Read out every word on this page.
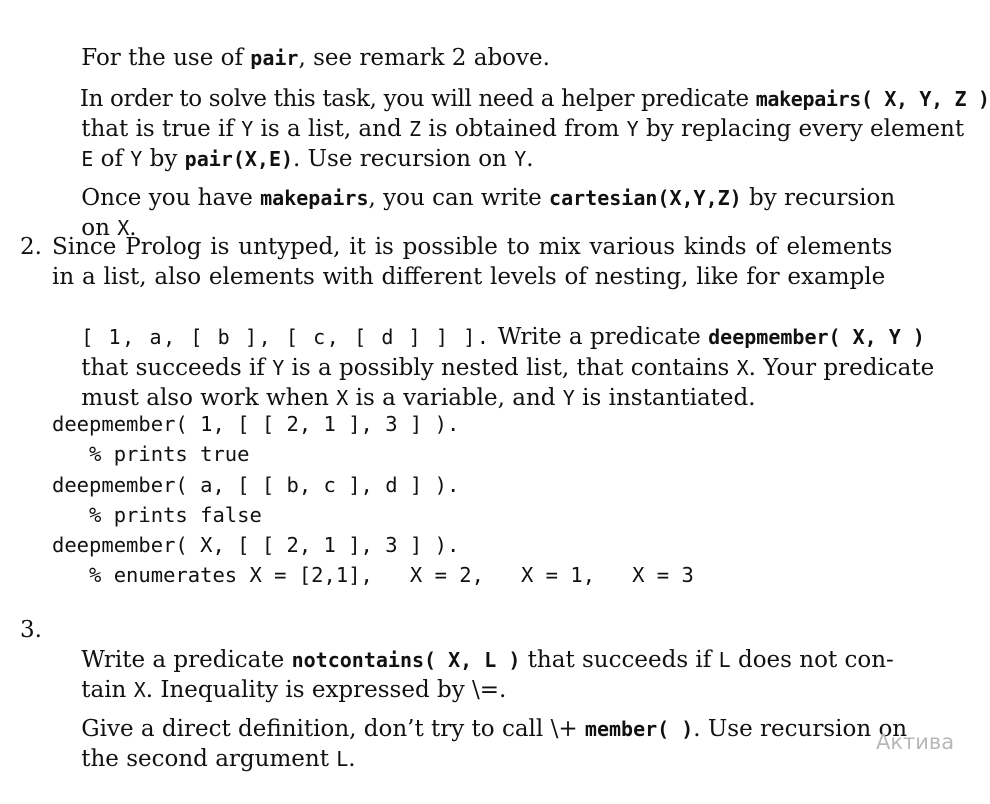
For the use of pair, see remark 2 above.

In order to solve this task, you will need a helper predicate makepairs( X, Y, Z )

that is true if Y is a list, and Z is obtained from Y by replacing every element

E of Y by pair(X,E). Use recursion on Y.

Once you have makepairs, you can write cartesian(X,Y,Z) by recursion

on X.

2. Since Prolog is untyped, it is possible to mix various kinds of elements
in a list, also elements with different levels of nesting, like for example

[ 1, a, [ b ], [ c, [ d ] ] ]. Write a predicate deepmember( X, Y )

that succeeds if Y is a possibly nested list, that contains X. Your predicate

must also work when X is a variable, and Y is instantiated.

deepmember( 1, [ [ 2, 1 ], 3 ] ).
% prints true
deepmember( a, [ [ b, c ], d ] ).
% prints false
deepmember( X, [ [ 2, 1 ], 3 ] ).
% enumerates X = [2,1],   X = 2,   X = 1,   X = 3
3.

Write a predicate notcontains( X, L ) that succeeds if L does not con-

tain X. Inequality is expressed by \=.

Give a direct definition, don’t try to call \+ member( ). Use recursion on

the second argument L.

Актива
